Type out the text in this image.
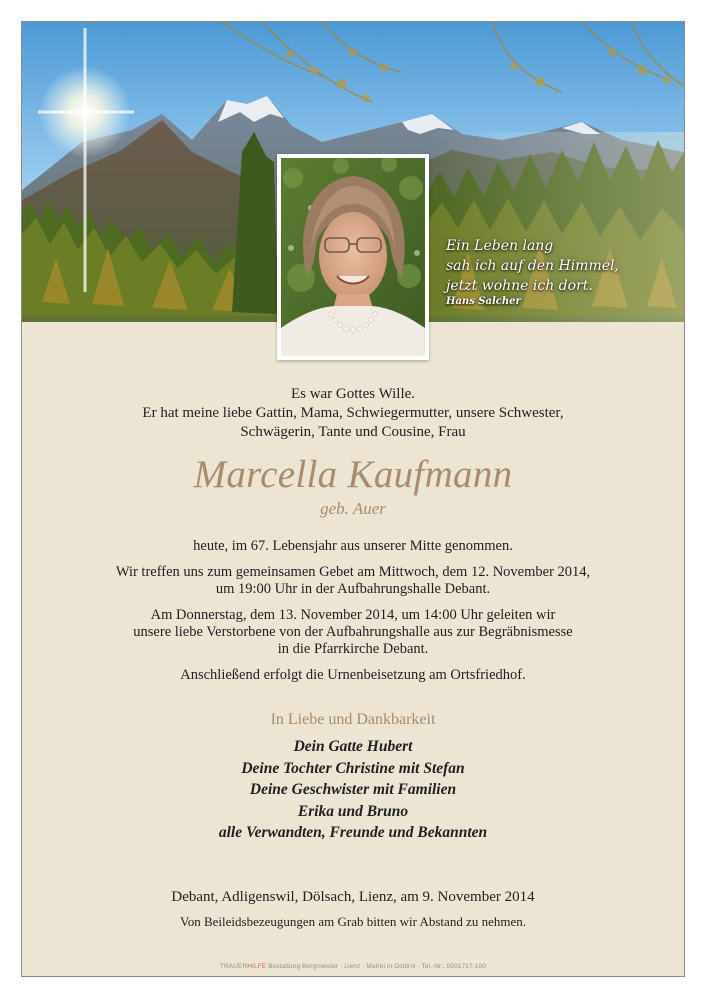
Ein Leben lang
sah ich auf den Himmel,
jetzt wohne ich dort.
Hans Salcher
Es war Gottes Wille.
Er hat meine liebe Gattin, Mama, Schwiegermutter, unsere Schwester,
Schwägerin, Tante und Cousine, Frau
Marcella Kaufmann
geb. Auer

heute, im 67. Lebensjahr aus unserer Mitte genommen.

Wir treffen uns zum gemeinsamen Gebet am Mittwoch, dem 12. November 2014,
um 19:00 Uhr in der Aufbahrungshalle Debant.

Am Donnerstag, dem 13. November 2014, um 14:00 Uhr geleiten wir
unsere liebe Verstorbene von der Aufbahrungshalle aus zur Begräbnismesse
in die Pfarrkirche Debant.

Anschließend erfolgt die Urnenbeisetzung am Ortsfriedhof.

In Liebe und Dankbarkeit
Dein Gatte Hubert
Deine Tochter Christine mit Stefan
Deine Geschwister mit Familien
Erika und Bruno
alle Verwandten, Freunde und Bekannten
Debant, Adligenswil, Dölsach, Lienz, am 9. November 2014
Von Beileidsbezeugungen am Grab bitten wir Abstand zu nehmen.
TRAUERHILFE Bestattung Bergmeister · Lienz · Matrei in Osttirol · Tel.-Nr.: 0501717-100
